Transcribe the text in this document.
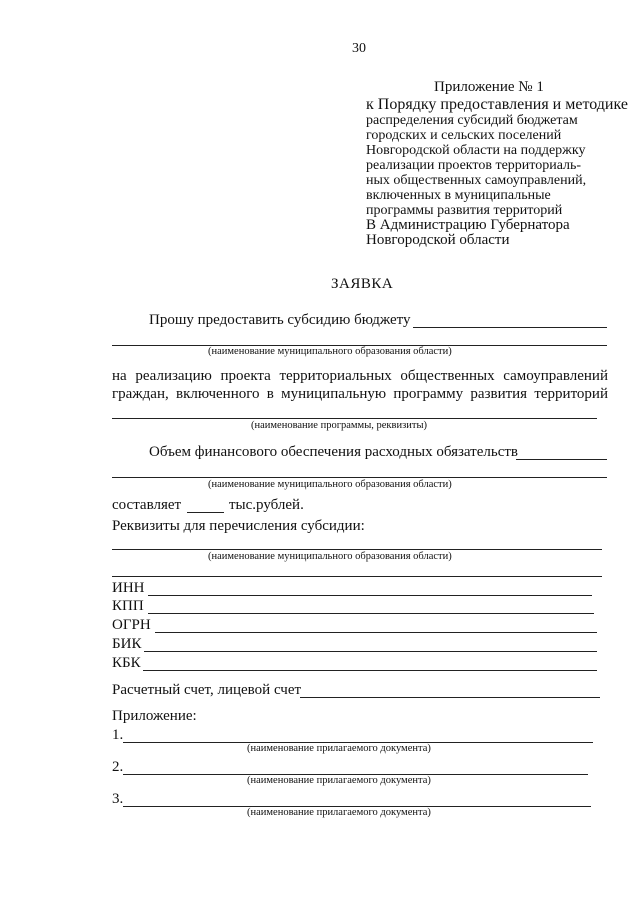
30
Приложение № 1
к Порядку предоставления и методике
распределения субсидий бюджетам
городских и сельских поселений
Новгородской области на поддержку
реализации проектов территориаль-
ных общественных самоуправлений,
включенных в муниципальные
программы развития территорий
В Администрацию Губернатора
Новгородской области
ЗАЯВКА
Прошу предоставить субсидию бюджету
(наименование муниципального образования области)
на реализацию проекта территориальных общественных самоуправлений
граждан, включенного в муниципальную программу развития территорий
(наименование программы, реквизиты)
Объем финансового обеспечения расходных обязательств
(наименование муниципального образования области)
составляет	тыс.рублей.
Реквизиты для перечисления субсидии:
(наименование муниципального образования области)
ИНН
КПП
ОГРН
БИК
КБК
Расчетный счет, лицевой счет
Приложение:
1.
(наименование прилагаемого документа)
2.
(наименование прилагаемого документа)
3.
(наименование прилагаемого документа)
